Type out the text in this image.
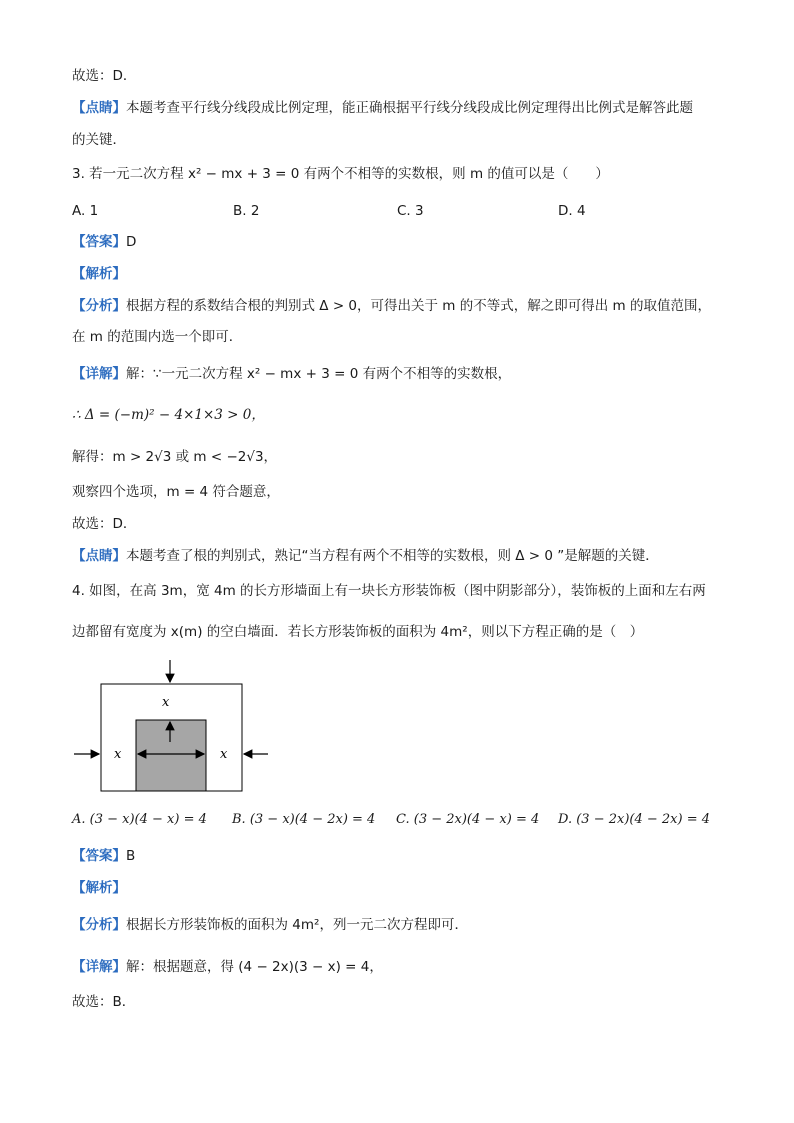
故选：D．
【点睛】本题考查平行线分线段成比例定理，能正确根据平行线分线段成比例定理得出比例式是解答此题
的关键．
3. 若一元二次方程 x² − mx + 3 = 0 有两个不相等的实数根，则 m 的值可以是（　　）
A. 1	B. 2	C. 3	D. 4
【答案】D
【解析】
【分析】根据方程的系数结合根的判别式 Δ > 0，可得出关于 m 的不等式，解之即可得出 m 的取值范围，
在 m 的范围内选一个即可．
【详解】解：∵一元二次方程 x² − mx + 3 = 0 有两个不相等的实数根，
∴ Δ = (−m)² − 4×1×3 > 0，
解得：m > 2√3 或 m < −2√3，
观察四个选项，m = 4 符合题意，
故选：D．
【点睛】本题考查了根的判别式，熟记“当方程有两个不相等的实数根，则 Δ > 0 ”是解题的关键．
4. 如图，在高 3m，宽 4m 的长方形墙面上有一块长方形装饰板（图中阴影部分），装饰板的上面和左右两
边都留有宽度为 x(m) 的空白墙面．若长方形装饰板的面积为 4m²，则以下方程正确的是（　）
x
x	x
A. (3 − x)(4 − x) = 4 B. (3 − x)(4 − 2x) = 4 C. (3 − 2x)(4 − x) = 4 D. (3 − 2x)(4 − 2x) = 4
【答案】B
【解析】
【分析】根据长方形装饰板的面积为 4m²，列一元二次方程即可．
【详解】解：根据题意，得 (4 − 2x)(3 − x) = 4，
故选：B．
